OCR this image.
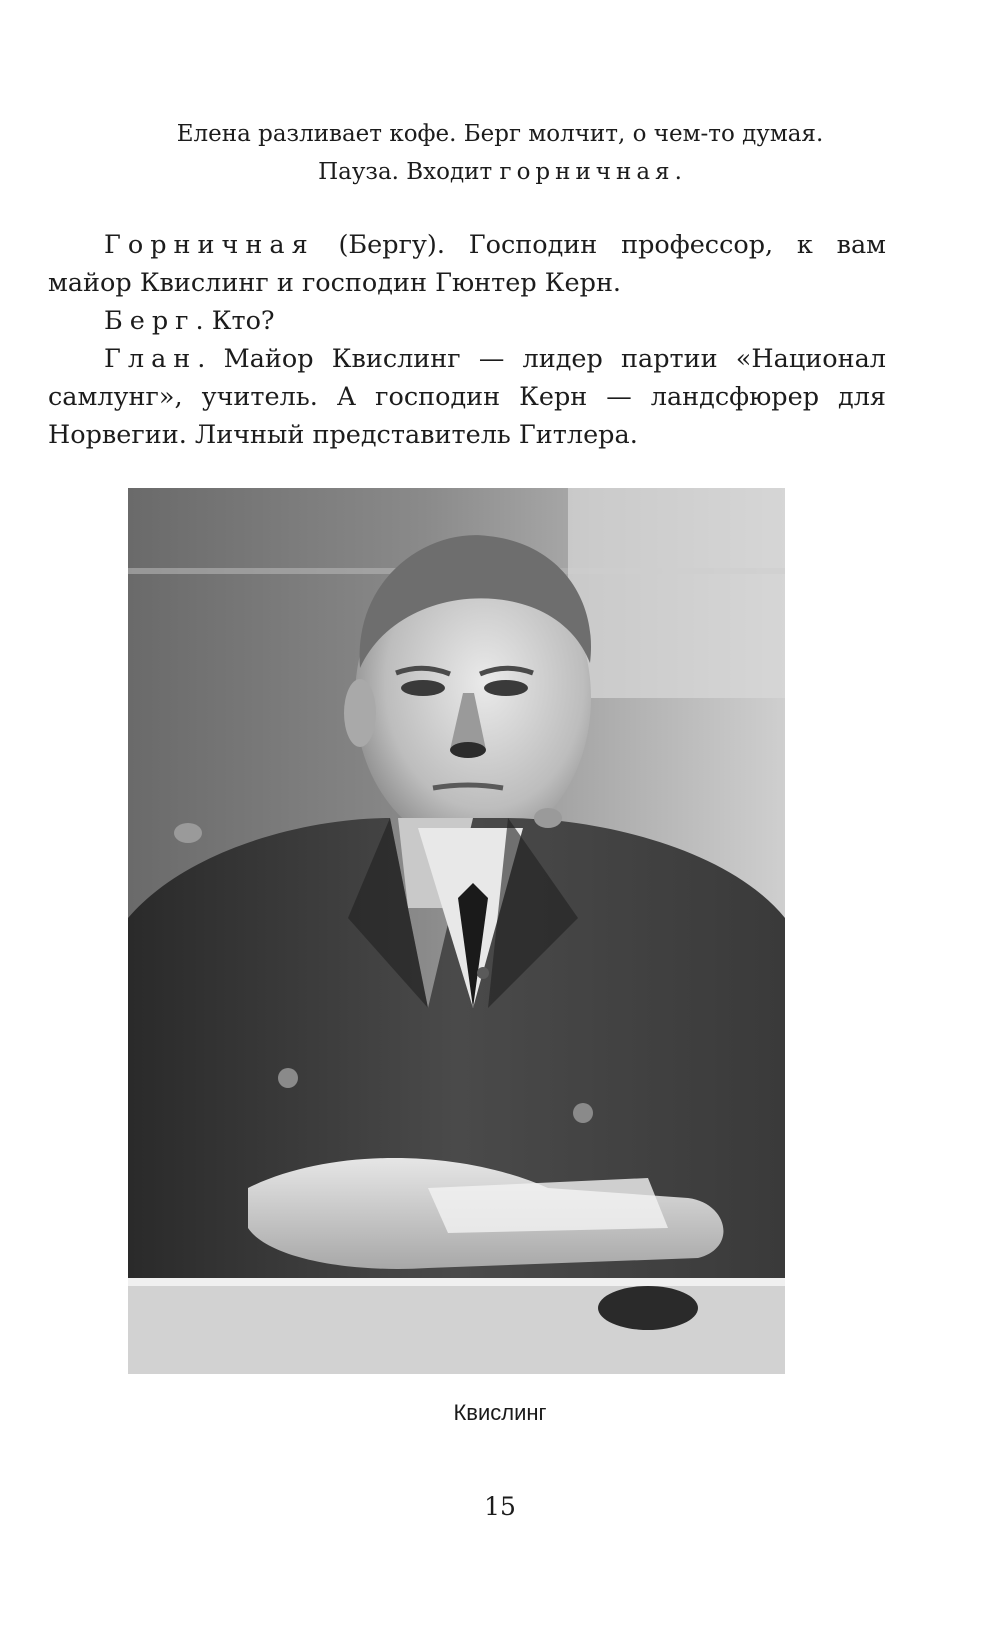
Елена разливает кофе. Берг молчит, о чем-то думая.
Пауза. Входит горничная.

Горничная (Бергу). Господин профессор, к вам майор Квислинг и господин Гюнтер Керн.

Берг. Кто?

Глан. Майор Квислинг — лидер партии «Национал самлунг», учитель. А господин Керн — ландсфюрер для Норвегии. Личный представитель Гитлера.

Квислинг
15
